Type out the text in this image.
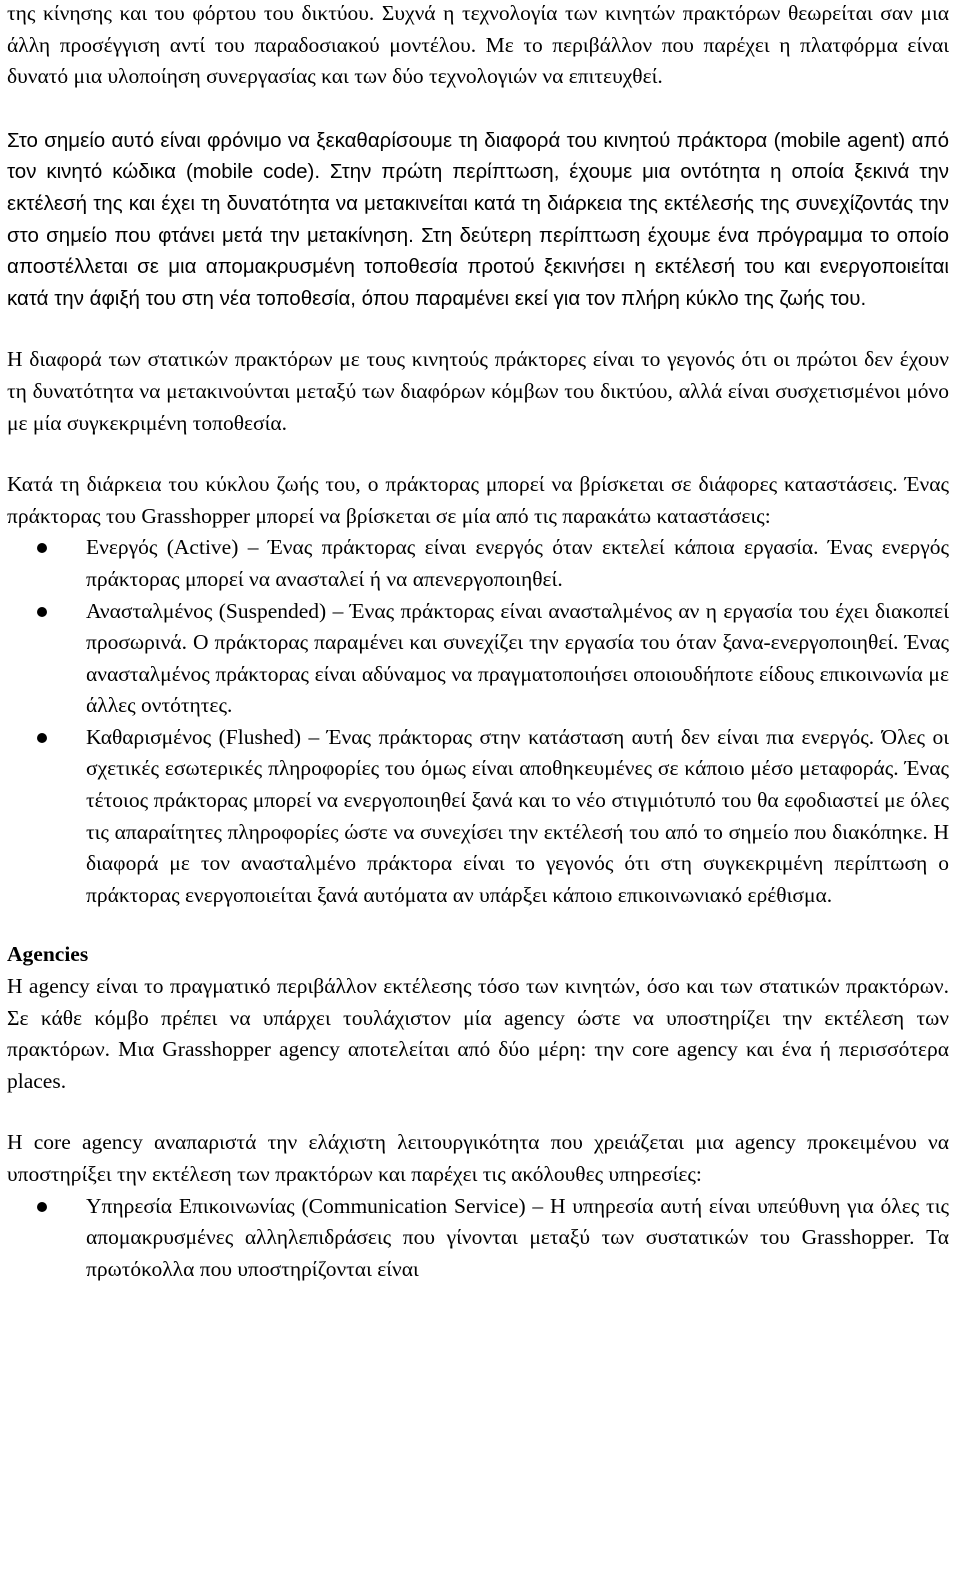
της κίνησης και του φόρτου του δικτύου. Συχνά η τεχνολογία των κινητών πρακτόρων θεωρείται σαν μια άλλη προσέγγιση αντί του παραδοσιακού μοντέλου. Με το περιβάλλον που παρέχει η πλατφόρμα είναι δυνατό μια υλοποίηση συνεργασίας και των δύο τεχνολογιών να επιτευχθεί.

Στο σημείο αυτό είναι φρόνιμο να ξεκαθαρίσουμε τη διαφορά του κινητού πράκτορα (mobile agent) από τον κινητό κώδικα (mobile code). Στην πρώτη περίπτωση, έχουμε μια οντότητα η οποία ξεκινά την εκτέλεσή της και έχει τη δυνατότητα να μετακινείται κατά τη διάρκεια της εκτέλεσής της συνεχίζοντάς την στο σημείο που φτάνει μετά την μετακίνηση. Στη δεύτερη περίπτωση έχουμε ένα πρόγραμμα το οποίο αποστέλλεται σε μια απομακρυσμένη τοποθεσία προτού ξεκινήσει η εκτέλεσή του και ενεργοποιείται κατά την άφιξή του στη νέα τοποθεσία, όπου παραμένει εκεί για τον πλήρη κύκλο της ζωής του.

Η διαφορά των στατικών πρακτόρων με τους κινητούς πράκτορες είναι το γεγονός ότι οι πρώτοι δεν έχουν τη δυνατότητα να μετακινούνται μεταξύ των διαφόρων κόμβων του δικτύου, αλλά είναι συσχετισμένοι μόνο με μία συγκεκριμένη τοποθεσία.

Κατά τη διάρκεια του κύκλου ζωής του, ο πράκτορας μπορεί να βρίσκεται σε διάφορες καταστάσεις. Ένας πράκτορας του Grasshopper μπορεί να βρίσκεται σε μία από τις παρακάτω καταστάσεις:

Ενεργός (Active) – Ένας πράκτορας είναι ενεργός όταν εκτελεί κάποια εργασία. Ένας ενεργός πράκτορας μπορεί να ανασταλεί ή να απενεργοποιηθεί.
Ανασταλμένος (Suspended) – Ένας πράκτορας είναι ανασταλμένος αν η εργασία του έχει διακοπεί προσωρινά. Ο πράκτορας παραμένει και συνεχίζει την εργασία του όταν ξανα-ενεργοποιηθεί. Ένας ανασταλμένος πράκτορας είναι αδύναμος να πραγματοποιήσει οποιουδήποτε είδους επικοινωνία με άλλες οντότητες.
Καθαρισμένος (Flushed) – Ένας πράκτορας στην κατάσταση αυτή δεν είναι πια ενεργός. Όλες οι σχετικές εσωτερικές πληροφορίες του όμως είναι αποθηκευμένες σε κάποιο μέσο μεταφοράς. Ένας τέτοιος πράκτορας μπορεί να ενεργοποιηθεί ξανά και το νέο στιγμιότυπό του θα εφοδιαστεί με όλες τις απαραίτητες πληροφορίες ώστε να συνεχίσει την εκτέλεσή του από το σημείο που διακόπηκε. Η διαφορά με τον ανασταλμένο πράκτορα είναι το γεγονός ότι στη συγκεκριμένη περίπτωση ο πράκτορας ενεργοποιείται ξανά αυτόματα αν υπάρξει κάποιο επικοινωνιακό ερέθισμα.

Agencies

Η agency είναι το πραγματικό περιβάλλον εκτέλεσης τόσο των κινητών, όσο και των στατικών πρακτόρων. Σε κάθε κόμβο πρέπει να υπάρχει τουλάχιστον μία agency ώστε να υποστηρίζει την εκτέλεση των πρακτόρων. Μια Grasshopper agency αποτελείται από δύο μέρη: την core agency και ένα ή περισσότερα places.

Η core agency αναπαριστά την ελάχιστη λειτουργικότητα που χρειάζεται μια agency προκειμένου να υποστηρίξει την εκτέλεση των πρακτόρων και παρέχει τις ακόλουθες υπηρεσίες:

Υπηρεσία Επικοινωνίας (Communication Service) – Η υπηρεσία αυτή είναι υπεύθυνη για όλες τις απομακρυσμένες αλληλεπιδράσεις που γίνονται μεταξύ των συστατικών του Grasshopper. Τα πρωτόκολλα που υποστηρίζονται είναι
